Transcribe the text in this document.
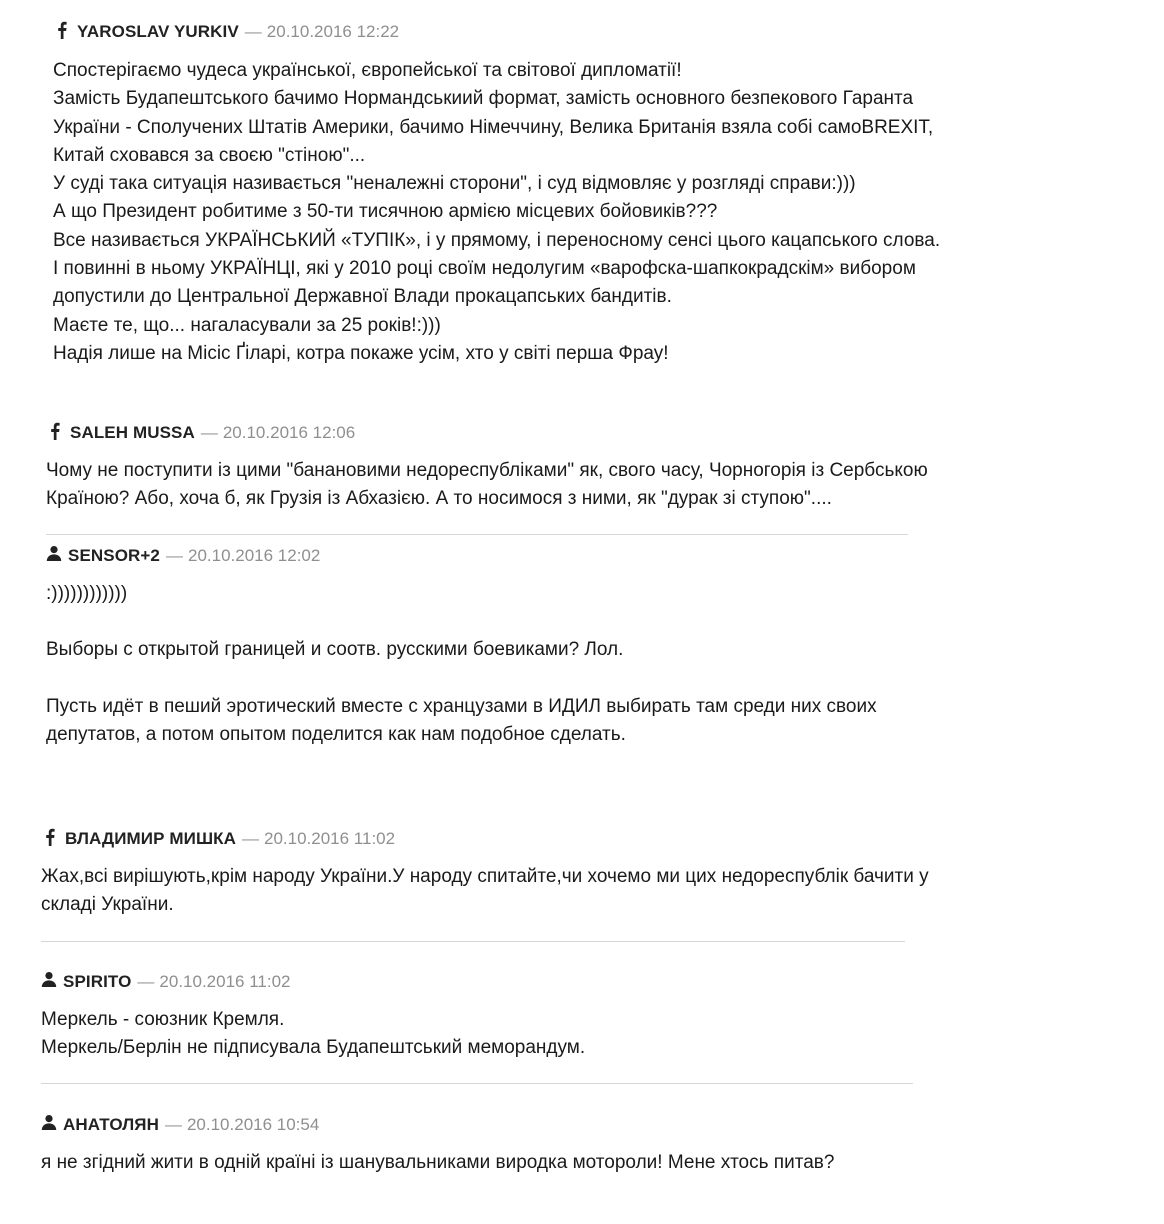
YAROSLAV YURKIV — 20.10.2016 12:22

Спостерігаємо чудеса української, європейської та світової дипломатії!

Замість Будапештського бачимо Нормандськиий формат, замість основного безпекового Гаранта

України - Сполучених Штатів Америки, бачимо Німеччину, Велика Британія взяла собі самоBREXIT,

Китай сховався за своєю "стіною"...

У суді така ситуація називається "неналежні сторони", і суд відмовляє у розгляді справи:)))

А що Президент робитиме з 50-ти тисячною армією місцевих бойовиків???

Все називається УКРАЇНСЬКИЙ «ТУПІК», і у прямому, і переносному сенсі цього кацапського слова.

І повинні в ньому УКРАЇНЦІ, які у 2010 році своїм недолугим «варофска-шапкокрадскім» вибором

допустили до Центральної Державної Влади прокацапських бандитів.

Маєте те, що... нагаласували за 25 років!:)))

Надія лише на Місіс Ґіларі, котра покаже усім, хто у світі перша Фрау!

SALEH MUSSA — 20.10.2016 12:06

Чому не поступити із цими "банановими недореспубліками" як, свого часу, Чорногорія із Сербською

Країною? Або, хоча б, як Грузія із Абхазією. А то носимося з ними, як "дурак зі ступою"....

SENSOR+2 — 20.10.2016 12:02

:))))))))))))

Выборы с открытой границей и соотв. русскими боевиками? Лол.

Пусть идёт в пеший эротический вместе с хранцузами в ИДИЛ выбирать там среди них своих

депутатов, а потом опытом поделится как нам подобное сделать.

ВЛАДИМИР МИШКА — 20.10.2016 11:02

Жах,всі вирішують,крім народу України.У народу спитайте,чи хочемо ми цих недореспублік бачити у

складі України.

SPIRITO — 20.10.2016 11:02

Меркель - союзник Кремля.

Меркель/Берлін не підписувала Будапештський меморандум.

АНАТОЛЯН — 20.10.2016 10:54

я не згідний жити в одній країні із шанувальниками виродка мотороли! Мене хтось питав?
